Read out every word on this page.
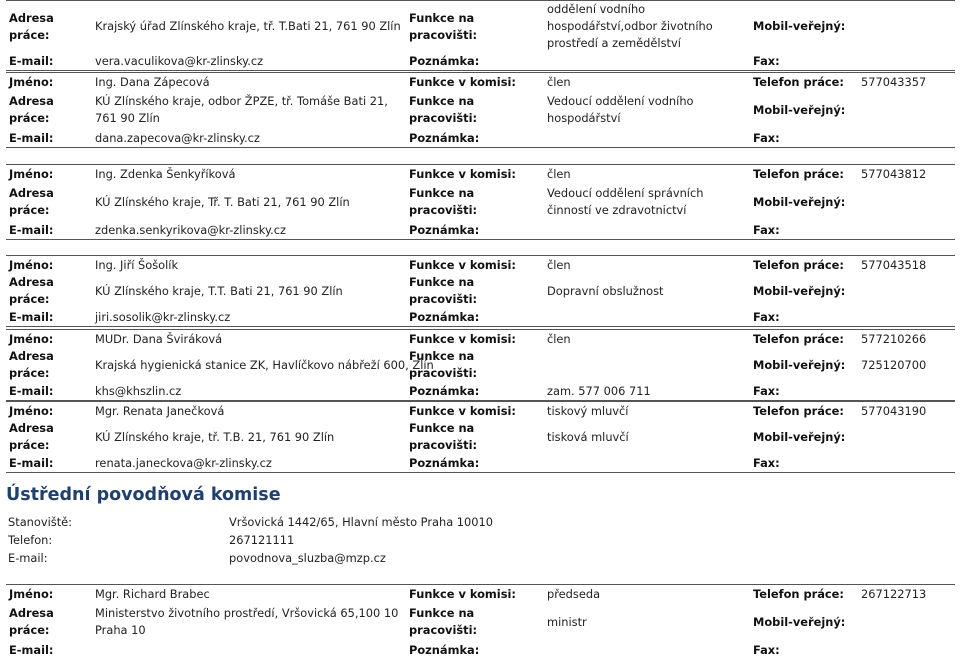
Adresa práce:	Krajský úřad Zlínského kraje, tř. T.Bati 21, 761 90 Zlín	Funkce na pracovišti:	oddělení vodního hospodářství,odbor životního prostředí a zemědělství	Mobil-veřejný:	
E-mail:	vera.vaculikova@kr-zlinsky.cz	Poznámka:		Fax:	
Jméno:	Ing. Dana Zápecová	Funkce v komisi:	člen	Telefon práce:	577043357
Adresa práce:	KÚ Zlínského kraje, odbor ŽPZE, tř. Tomáše Bati 21, 761 90 Zlín	Funkce na pracovišti:	Vedoucí oddělení vodního hospodářství	Mobil-veřejný:	
E-mail:	dana.zapecova@kr-zlinsky.cz	Poznámka:		Fax:	
Jméno:	Ing. Zdenka Šenkyříková	Funkce v komisi:	člen	Telefon práce:	577043812
Adresa práce:	KÚ Zlínského kraje, Tř. T. Bati 21, 761 90 Zlín	Funkce na pracovišti:	Vedoucí oddělení správních činností ve zdravotnictví	Mobil-veřejný:	
E-mail:	zdenka.senkyrikova@kr-zlinsky.cz	Poznámka:		Fax:	
Jméno:	Ing. Jiří Šošolík	Funkce v komisi:	člen	Telefon práce:	577043518
Adresa práce:	KÚ Zlínského kraje, T.T. Bati 21, 761 90 Zlín	Funkce na pracovišti:	Dopravní obslužnost	Mobil-veřejný:	
E-mail:	jiri.sosolik@kr-zlinsky.cz	Poznámka:		Fax:	
Jméno:	MUDr. Dana Šviráková	Funkce v komisi:	člen	Telefon práce:	577210266
Adresa práce:	Krajská hygienická stanice ZK, Havlíčkovo nábřeží 600, Zlín	Funkce na pracovišti:		Mobil-veřejný:	725120700
E-mail:	khs@khszlin.cz	Poznámka:	zam. 577 006 711	Fax:	
Jméno:	Mgr. Renata Janečková	Funkce v komisi:	tiskový mluvčí	Telefon práce:	577043190
Adresa práce:	KÚ Zlínského kraje, tř. T.B. 21, 761 90 Zlín	Funkce na pracovišti:	tisková mluvčí	Mobil-veřejný:	
E-mail:	renata.janeckova@kr-zlinsky.cz	Poznámka:		Fax:	
Ústřední povodňová komise
Stanoviště:	Vršovická 1442/65, Hlavní město Praha 10010
Telefon:	267121111
E-mail:	povodnova_sluzba@mzp.cz
Jméno:	Mgr. Richard Brabec	Funkce v komisi:	předseda	Telefon práce:	267122713
Adresa práce:	Ministerstvo životního prostředí, Vršovická 65,100 10 Praha 10	Funkce na pracovišti:	ministr	Mobil-veřejný:	
E-mail:		Poznámka:		Fax:	
